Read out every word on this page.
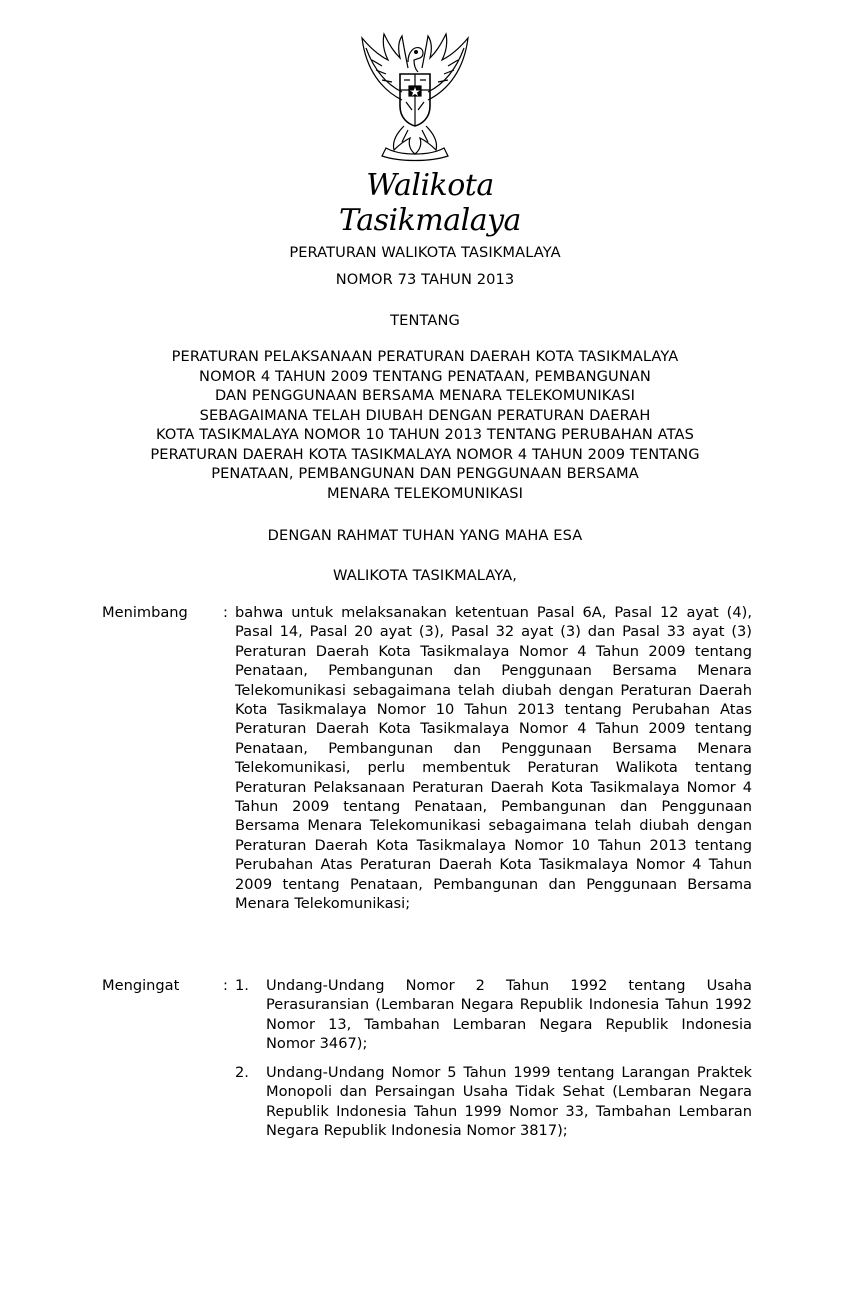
Walikota Tasikmalaya
PERATURAN WALIKOTA TASIKMALAYA
NOMOR 73 TAHUN 2013
TENTANG
PERATURAN PELAKSANAAN PERATURAN DAERAH KOTA TASIKMALAYA
NOMOR 4 TAHUN 2009 TENTANG PENATAAN, PEMBANGUNAN
DAN PENGGUNAAN BERSAMA MENARA TELEKOMUNIKASI
SEBAGAIMANA TELAH DIUBAH DENGAN PERATURAN DAERAH
KOTA TASIKMALAYA NOMOR 10 TAHUN 2013 TENTANG PERUBAHAN ATAS
PERATURAN DAERAH KOTA TASIKMALAYA NOMOR 4 TAHUN 2009 TENTANG
PENATAAN, PEMBANGUNAN DAN PENGGUNAAN BERSAMA
MENARA TELEKOMUNIKASI
DENGAN RAHMAT TUHAN YANG MAHA ESA
WALIKOTA TASIKMALAYA,
Menimbang : bahwa untuk melaksanakan ketentuan Pasal 6A, Pasal 12 ayat (4), Pasal 14, Pasal 20 ayat (3), Pasal 32 ayat (3) dan Pasal 33 ayat (3) Peraturan Daerah Kota Tasikmalaya Nomor 4 Tahun 2009 tentang Penataan, Pembangunan dan Penggunaan Bersama Menara Telekomunikasi sebagaimana telah diubah dengan Peraturan Daerah Kota Tasikmalaya Nomor 10 Tahun 2013 tentang Perubahan Atas Peraturan Daerah Kota Tasikmalaya Nomor 4 Tahun 2009 tentang Penataan, Pembangunan dan Penggunaan Bersama Menara Telekomunikasi, perlu membentuk Peraturan Walikota tentang Peraturan Pelaksanaan Peraturan Daerah Kota Tasikmalaya Nomor 4 Tahun 2009 tentang Penataan, Pembangunan dan Penggunaan Bersama Menara Telekomunikasi sebagaimana telah diubah dengan Peraturan Daerah Kota Tasikmalaya Nomor 10 Tahun 2013 tentang Perubahan Atas Peraturan Daerah Kota Tasikmalaya Nomor 4 Tahun 2009 tentang Penataan, Pembangunan dan Penggunaan Bersama Menara Telekomunikasi;
Mengingat	: 1. Undang-Undang Nomor 2 Tahun 1992 tentang Usaha Perasuransian (Lembaran Negara Republik Indonesia Tahun 1992 Nomor 13, Tambahan Lembaran Negara Republik Indonesia Nomor 3467);
2. Undang-Undang Nomor 5 Tahun 1999 tentang Larangan Praktek Monopoli dan Persaingan Usaha Tidak Sehat (Lembaran Negara Republik Indonesia Tahun 1999 Nomor 33, Tambahan Lembaran Negara Republik Indonesia Nomor 3817);
